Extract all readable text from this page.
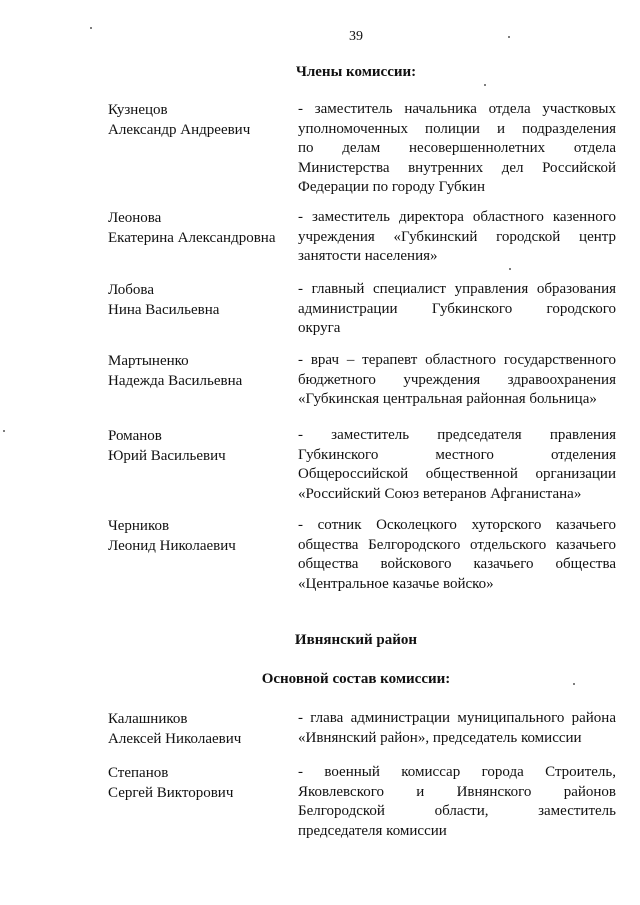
39
Члены комиссии:
Кузнецов
Александр Андреевич
- заместитель начальника отдела участковых
уполномоченных полиции и подразделения
по делам несовершеннолетних отдела
Министерства внутренних дел Российской
Федерации по городу Губкин
Леонова
Екатерина Александровна
- заместитель директора областного казенного
учреждения «Губкинский городской центр
занятости населения»
Лобова
Нина Васильевна
- главный специалист управления образования
администрации Губкинского городского
округа
Мартыненко
Надежда Васильевна
- врач – терапевт областного государственного
бюджетного учреждения здравоохранения
«Губкинская центральная районная больница»
Романов
Юрий Васильевич
- заместитель председателя правления
Губкинского местного отделения
Общероссийской общественной организации
«Российский Союз ветеранов Афганистана»
Черников
Леонид Николаевич
- сотник Осколецкого хуторского казачьего
общества Белгородского отдельского казачьего
общества войскового казачьего общества
«Центральное казачье войско»
Ивнянский район
Основной состав комиссии:
Калашников
Алексей Николаевич
- глава администрации муниципального района
«Ивнянский район», председатель комиссии
Степанов
Сергей Викторович
- военный комиссар города Строитель,
Яковлевского и Ивнянского районов
Белгородской области, заместитель
председателя комиссии
